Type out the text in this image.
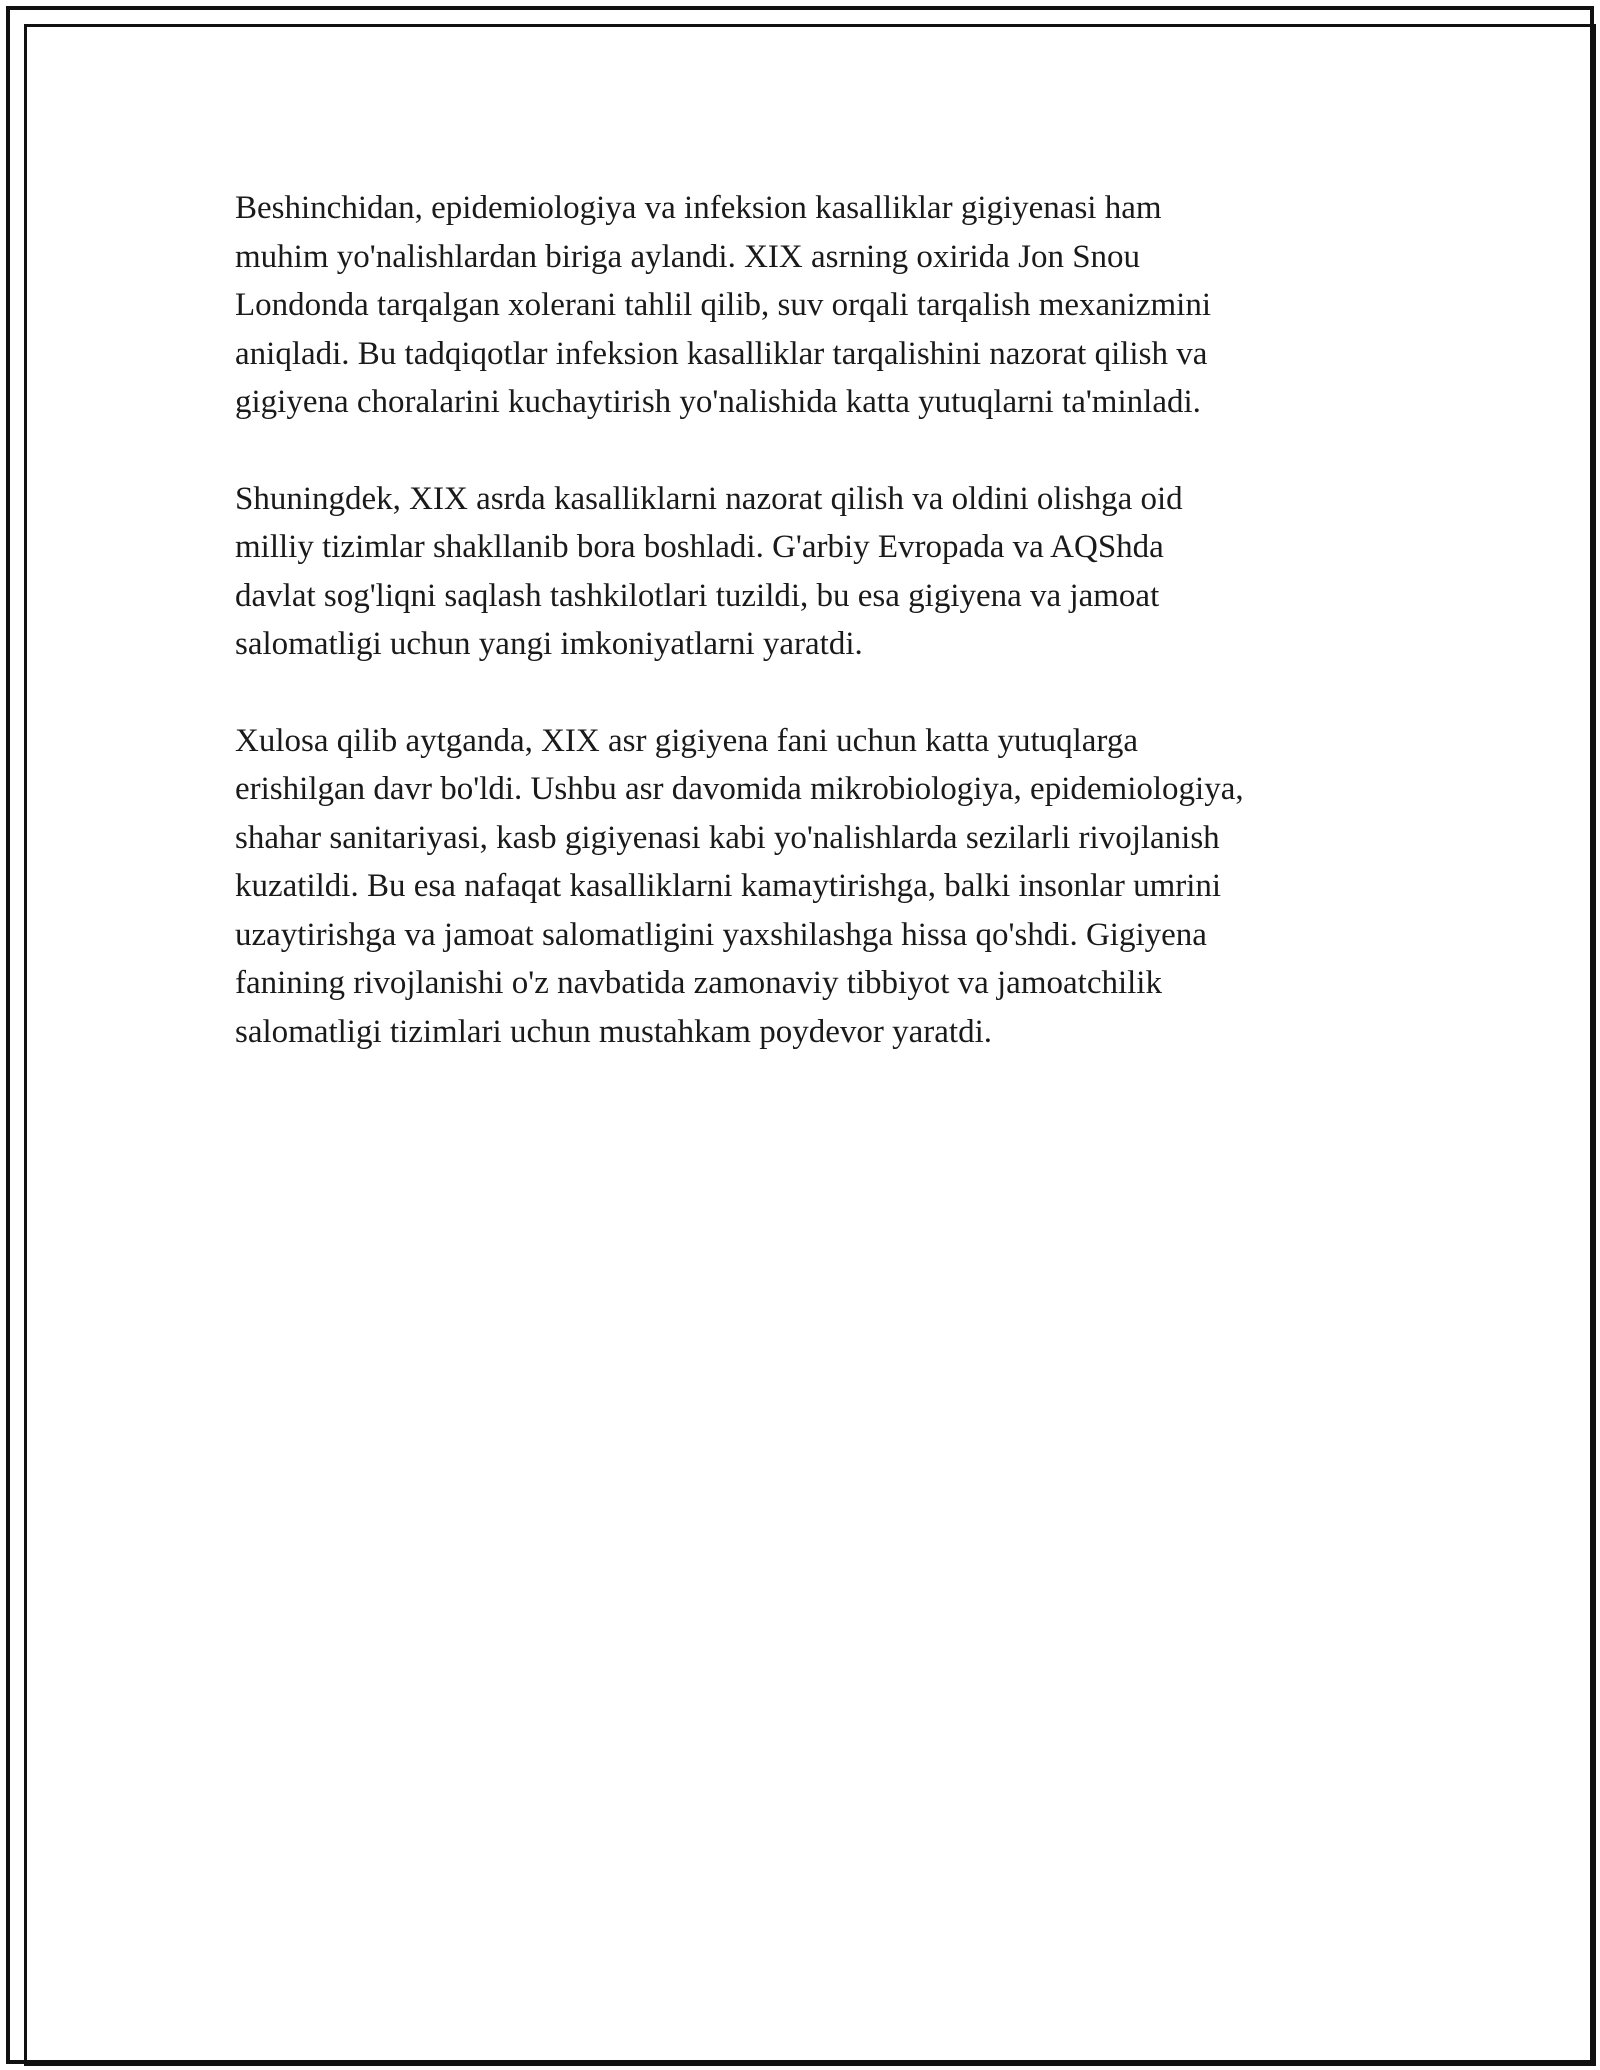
Beshinchidan, epidemiologiya va infeksion kasalliklar gigiyenasi ham
muhim yo'nalishlardan biriga aylandi. XIX asrning oxirida Jon Snou
Londonda tarqalgan xolerani tahlil qilib, suv orqali tarqalish mexanizmini
aniqladi. Bu tadqiqotlar infeksion kasalliklar tarqalishini nazorat qilish va
gigiyena choralarini kuchaytirish yo'nalishida katta yutuqlarni ta'minladi.

Shuningdek, XIX asrda kasalliklarni nazorat qilish va oldini olishga oid
milliy tizimlar shakllanib bora boshladi. G'arbiy Evropada va AQShda
davlat sog'liqni saqlash tashkilotlari tuzildi, bu esa gigiyena va jamoat
salomatligi uchun yangi imkoniyatlarni yaratdi.

Xulosa qilib aytganda, XIX asr gigiyena fani uchun katta yutuqlarga
erishilgan davr bo'ldi. Ushbu asr davomida mikrobiologiya, epidemiologiya,
shahar sanitariyasi, kasb gigiyenasi kabi yo'nalishlarda sezilarli rivojlanish
kuzatildi. Bu esa nafaqat kasalliklarni kamaytirishga, balki insonlar umrini
uzaytirishga va jamoat salomatligini yaxshilashga hissa qo'shdi. Gigiyena
fanining rivojlanishi o'z navbatida zamonaviy tibbiyot va jamoatchilik
salomatligi tizimlari uchun mustahkam poydevor yaratdi.
